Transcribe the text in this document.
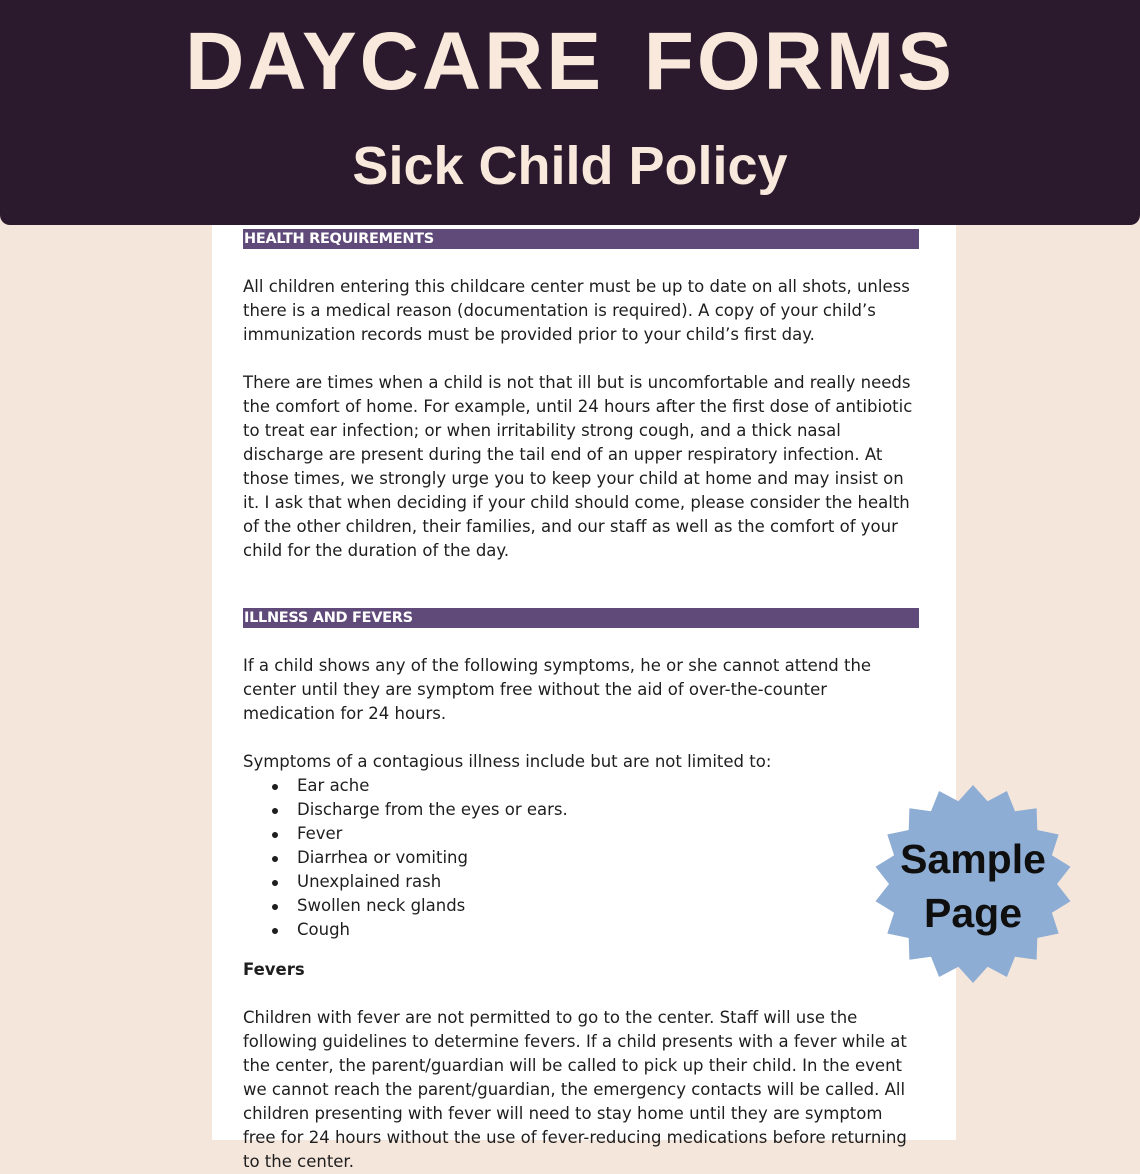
DAYCARE FORMS
Sick Child Policy
HEALTH REQUIREMENTS

All children entering this childcare center must be up to date on all shots, unless there is a medical reason (documentation is required). A copy of your child’s immunization records must be provided prior to your child’s first day.

There are times when a child is not that ill but is uncomfortable and really needs the comfort of home. For example, until 24 hours after the first dose of antibiotic to treat ear infection; or when irritability strong cough, and a thick nasal discharge are present during the tail end of an upper respiratory infection. At those times, we strongly urge you to keep your child at home and may insist on it. I ask that when deciding if your child should come, please consider the health of the other children, their families, and our staff as well as the comfort of your child for the duration of the day.

ILLNESS AND FEVERS

If a child shows any of the following symptoms, he or she cannot attend the center until they are symptom free without the aid of over-the-counter medication for 24 hours.

Symptoms of a contagious illness include but are not limited to:

Ear ache
Discharge from the eyes or ears.
Fever
Diarrhea or vomiting
Unexplained rash
Swollen neck glands
Cough

Fevers

Children with fever are not permitted to go to the center. Staff will use the following guidelines to determine fevers. If a child presents with a fever while at the center, the parent/guardian will be called to pick up their child. In the event we cannot reach the parent/guardian, the emergency contacts will be called. All children presenting with fever will need to stay home until they are symptom free for 24 hours without the use of fever-reducing medications before returning to the center.

Sample
Page
